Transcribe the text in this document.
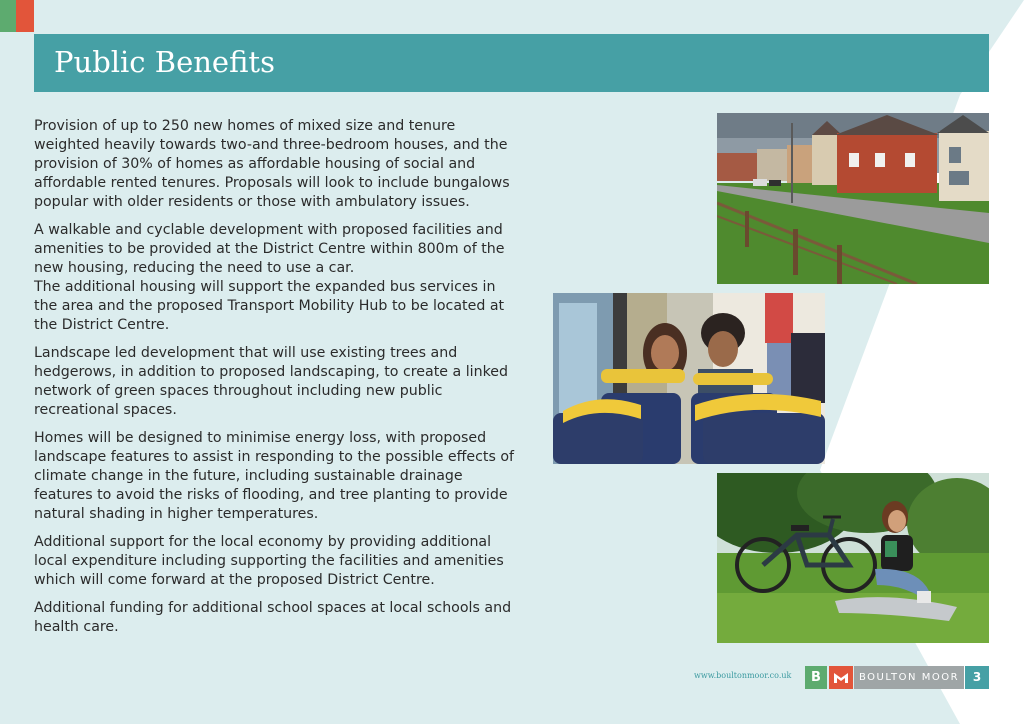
Public Benefits

Provision of up to 250 new homes of mixed size and tenure weighted heavily towards two-and three-bedroom houses, and the provision of 30% of homes as affordable housing of social and affordable rented tenures. Proposals will look to include bungalows popular with older residents or those with ambulatory issues.

A walkable and cyclable development with proposed facilities and amenities to be provided at the District Centre within 800m of the new housing, reducing the need to use a car.

The additional housing will support the expanded bus services in the area and the proposed Transport Mobility Hub to be located at the District Centre.

Landscape led development that will use existing trees and hedgerows, in addition to proposed landscaping, to create a linked network of green spaces throughout including new public recreational spaces.

Homes will be designed to minimise energy loss, with proposed landscape features to assist in responding to the possible effects of climate change in the future, including sustainable drainage features to avoid the risks of flooding, and tree planting to provide natural shading in higher temperatures.

Additional support for the local economy by providing additional local expenditure including supporting the facilities and amenities which will come forward at the proposed District Centre.

Additional funding for additional school spaces at local schools and health care.

www.boultonmoor.co.uk	B	BOULTON MOOR	3
